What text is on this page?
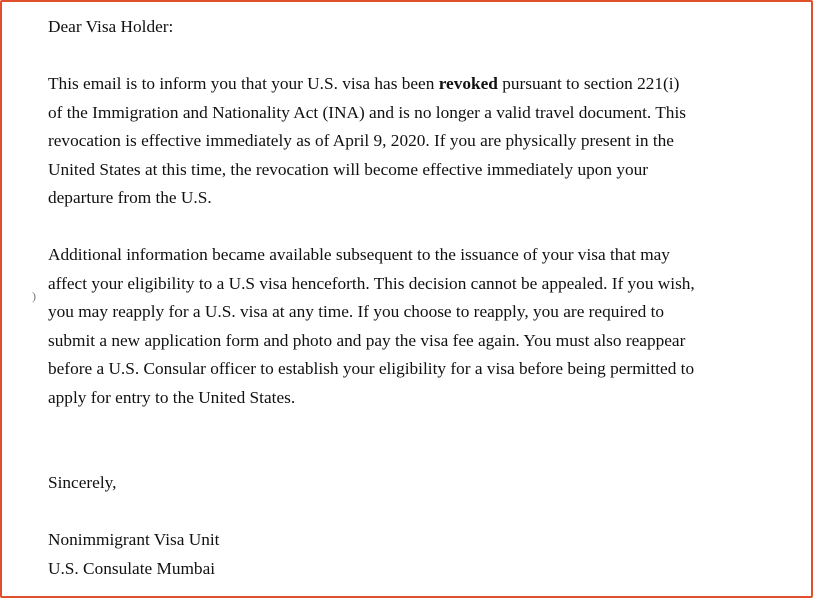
)
Dear Visa Holder:
This email is to inform you that your U.S. visa has been revoked pursuant to section 221(i)
of the Immigration and Nationality Act (INA) and is no longer a valid travel document. This
revocation is effective immediately as of April 9, 2020. If you are physically present in the
United States at this time, the revocation will become effective immediately upon your
departure from the U.S.
Additional information became available subsequent to the issuance of your visa that may
affect your eligibility to a U.S visa henceforth. This decision cannot be appealed. If you wish,
you may reapply for a U.S. visa at any time. If you choose to reapply, you are required to
submit a new application form and photo and pay the visa fee again. You must also reappear
before a U.S. Consular officer to establish your eligibility for a visa before being permitted to
apply for entry to the United States.
Sincerely,
Nonimmigrant Visa Unit
U.S. Consulate Mumbai
